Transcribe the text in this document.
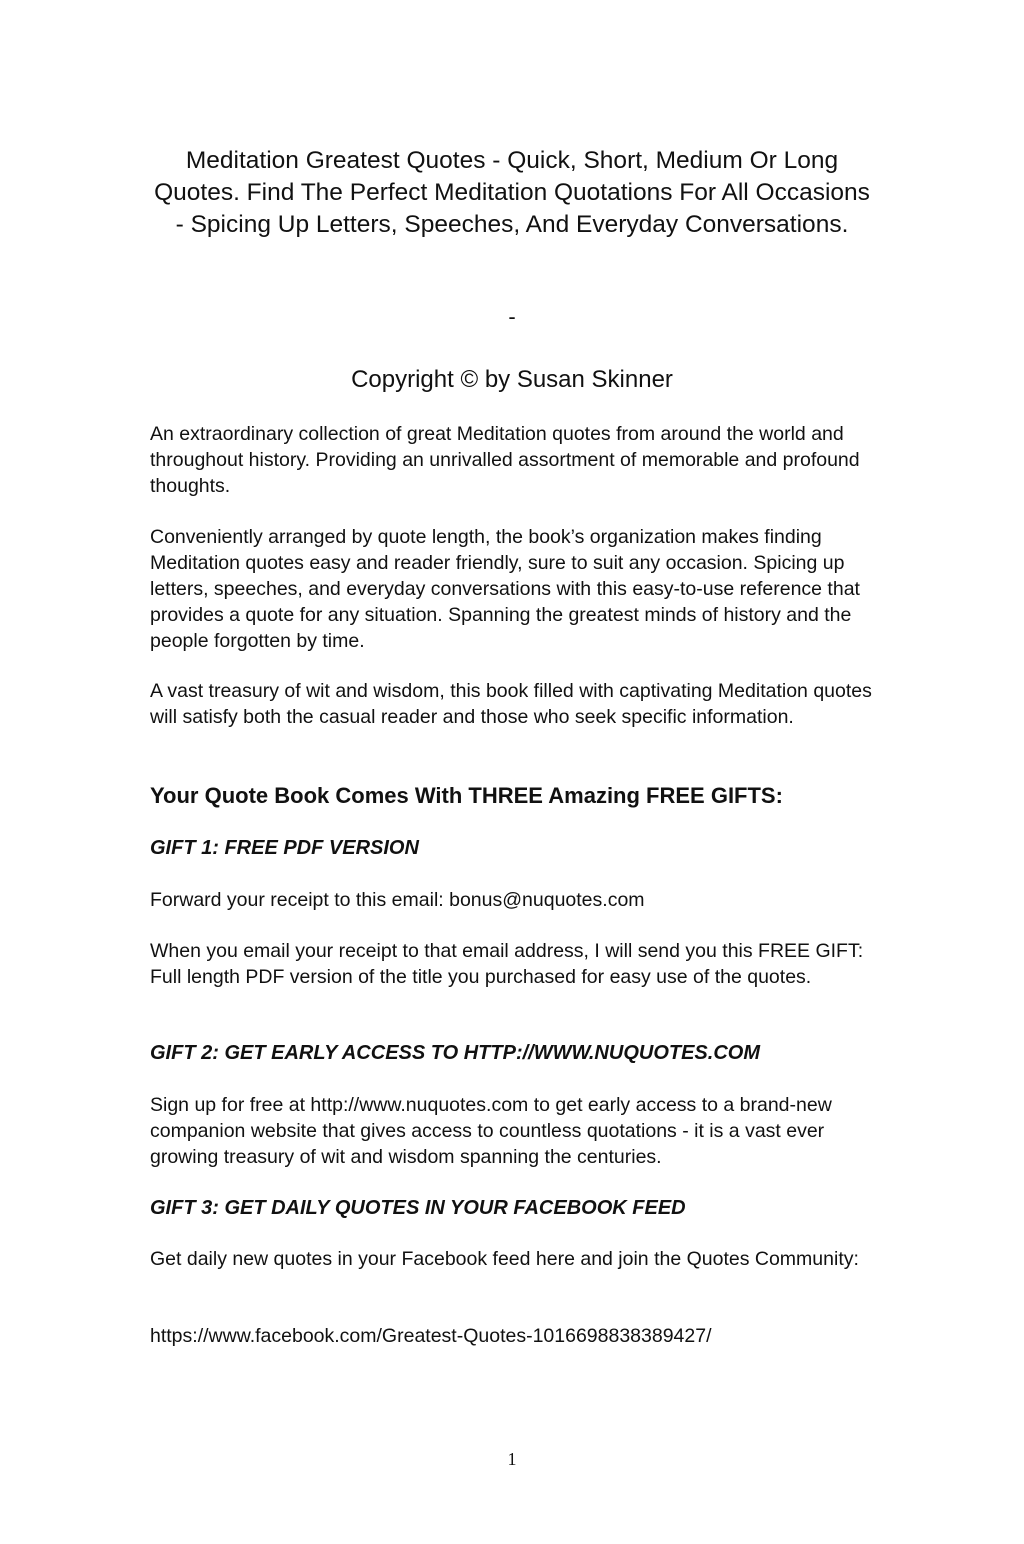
Meditation Greatest Quotes - Quick, Short, Medium Or Long Quotes. Find The Perfect Meditation Quotations For All Occasions - Spicing Up Letters, Speeches, And Everyday Conversations.
-
Copyright © by Susan Skinner

An extraordinary collection of great Meditation quotes from around the world and throughout history. Providing an unrivalled assortment of memorable and profound thoughts.

Conveniently arranged by quote length, the book’s organization makes finding Meditation quotes easy and reader friendly, sure to suit any occasion. Spicing up letters, speeches, and everyday conversations with this easy-to-use reference that provides a quote for any situation. Spanning the greatest minds of history and the people forgotten by time.

A vast treasury of wit and wisdom, this book filled with captivating Meditation quotes will satisfy both the casual reader and those who seek specific information.

Your Quote Book Comes With THREE Amazing FREE GIFTS:
GIFT 1: FREE PDF VERSION

Forward your receipt to this email: bonus@nuquotes.com

When you email your receipt to that email address, I will send you this FREE GIFT: Full length PDF version of the title you purchased for easy use of the quotes.

GIFT 2: GET EARLY ACCESS TO HTTP://WWW.NUQUOTES.COM

Sign up for free at http://www.nuquotes.com to get early access to a brand-new companion website that gives access to countless quotations - it is a vast ever growing treasury of wit and wisdom spanning the centuries.

GIFT 3: GET DAILY QUOTES IN YOUR FACEBOOK FEED

Get daily new quotes in your Facebook feed here and join the Quotes Community:

https://www.facebook.com/Greatest-Quotes-1016698838389427/

1
